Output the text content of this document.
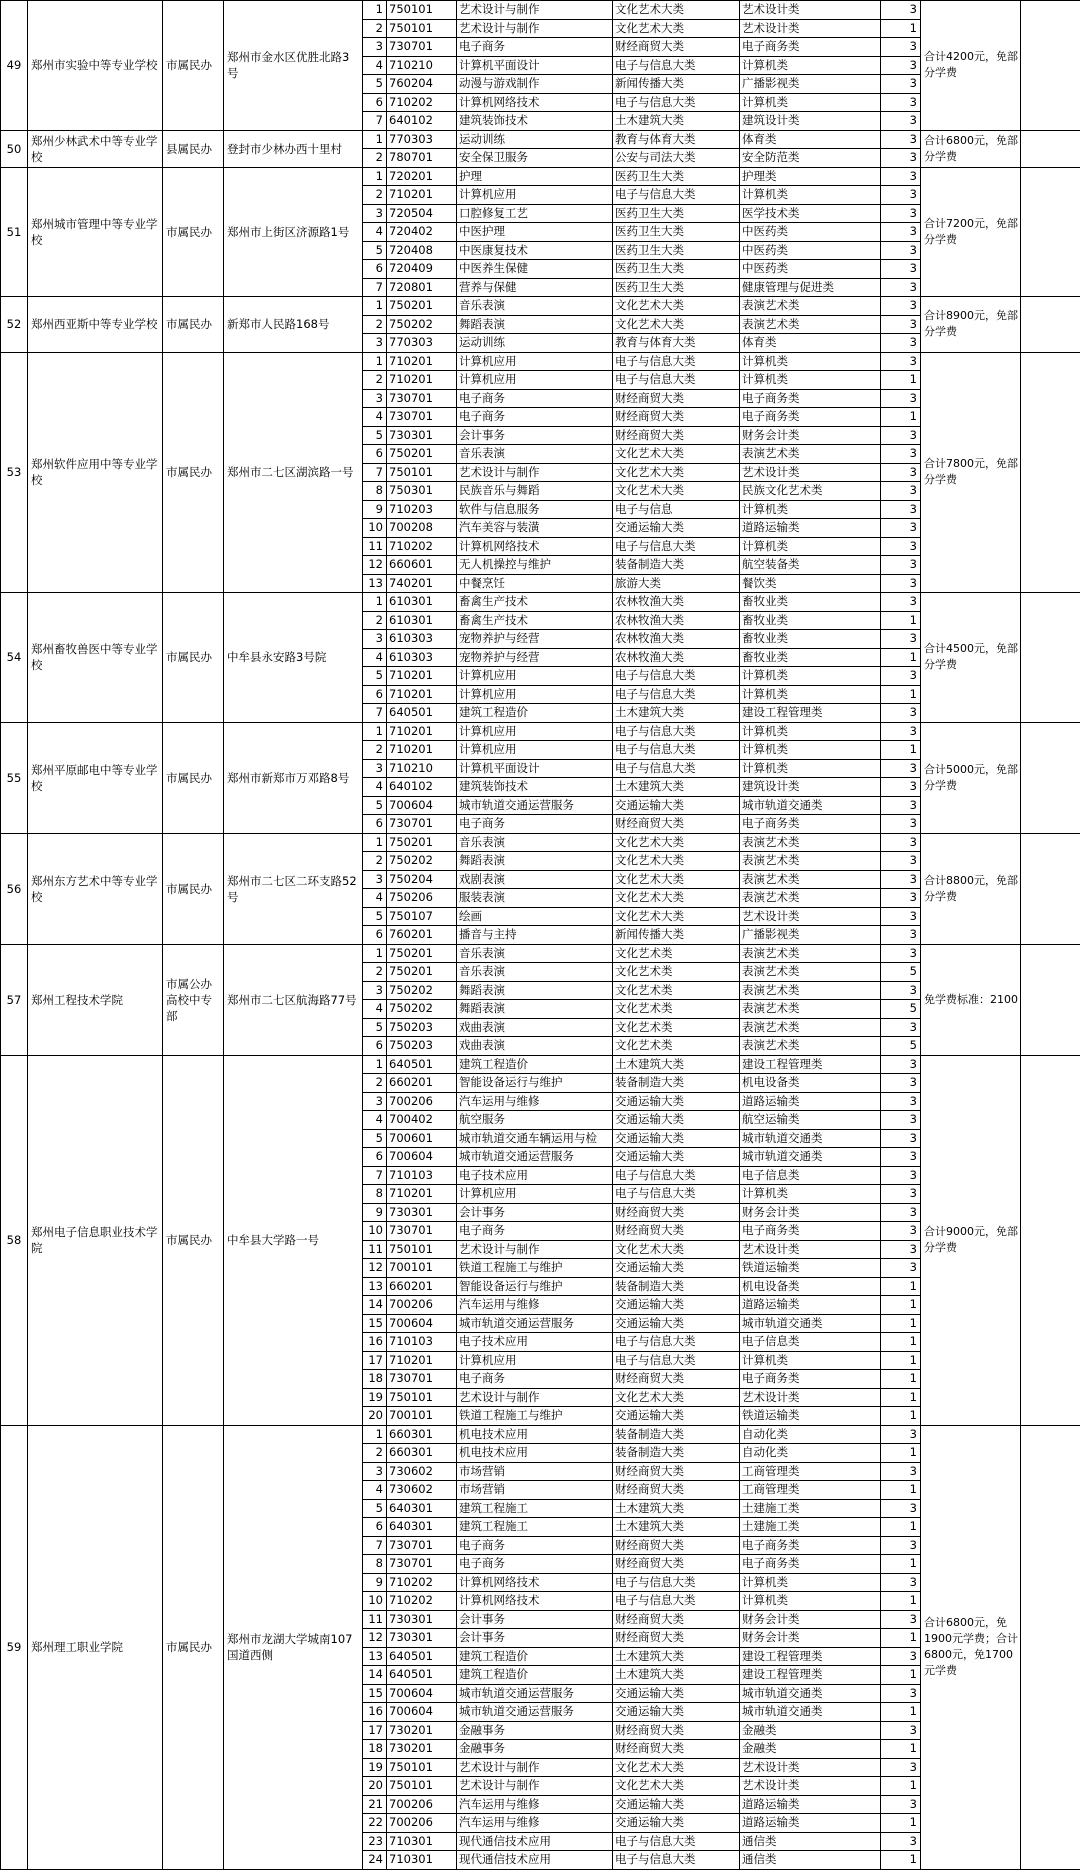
49	郑州市实验中等专业学校	市属民办	郑州市金水区优胜北路3号	1	750101	艺术设计与制作	文化艺术大类	艺术设计类	3	合计4200元，免部分学费	
				2	750101	艺术设计与制作	文化艺术大类	艺术设计类	1		
				3	730701	电子商务	财经商贸大类	电子商务类	3		
				4	710210	计算机平面设计	电子与信息大类	计算机类	3		
				5	760204	动漫与游戏制作	新闻传播大类	广播影视类	3		
				6	710202	计算机网络技术	电子与信息大类	计算机类	3		
				7	640102	建筑装饰技术	土木建筑大类	建筑设计类	3		
50	郑州少林武术中等专业学校	县属民办	登封市少林办西十里村	1	770303	运动训练	教育与体育大类	体育类	3	合计6800元，免部分学费	
				2	780701	安全保卫服务	公安与司法大类	安全防范类	3		
51	郑州城市管理中等专业学校	市属民办	郑州市上街区济源路1号	1	720201	护理	医药卫生大类	护理类	3	合计7200元，免部分学费	
				2	710201	计算机应用	电子与信息大类	计算机类	3		
				3	720504	口腔修复工艺	医药卫生大类	医学技术类	3		
				4	720402	中医护理	医药卫生大类	中医药类	3		
				5	720408	中医康复技术	医药卫生大类	中医药类	3		
				6	720409	中医养生保健	医药卫生大类	中医药类	3		
				7	720801	营养与保健	医药卫生大类	健康管理与促进类	3		
52	郑州西亚斯中等专业学校	市属民办	新郑市人民路168号	1	750201	音乐表演	文化艺术大类	表演艺术类	3	合计8900元，免部分学费	
				2	750202	舞蹈表演	文化艺术大类	表演艺术类	3		
				3	770303	运动训练	教育与体育大类	体育类	3		
53	郑州软件应用中等专业学校	市属民办	郑州市二七区湖滨路一号	1	710201	计算机应用	电子与信息大类	计算机类	3	合计7800元，免部分学费	
				2	710201	计算机应用	电子与信息大类	计算机类	1		
				3	730701	电子商务	财经商贸大类	电子商务类	3		
				4	730701	电子商务	财经商贸大类	电子商务类	1		
				5	730301	会计事务	财经商贸大类	财务会计类	3		
				6	750201	音乐表演	文化艺术大类	表演艺术类	3		
				7	750101	艺术设计与制作	文化艺术大类	艺术设计类	3		
				8	750301	民族音乐与舞蹈	文化艺术大类	民族文化艺术类	3		
				9	710203	软件与信息服务	电子与信息	计算机类	3		
				10	700208	汽车美容与装潢	交通运输大类	道路运输类	3		
				11	710202	计算机网络技术	电子与信息大类	计算机类	3		
				12	660601	无人机操控与维护	装备制造大类	航空装备类	3		
				13	740201	中餐烹饪	旅游大类	餐饮类	3		
54	郑州畜牧兽医中等专业学校	市属民办	中牟县永安路3号院	1	610301	畜禽生产技术	农林牧渔大类	畜牧业类	3	合计4500元，免部分学费	
				2	610301	畜禽生产技术	农林牧渔大类	畜牧业类	1		
				3	610303	宠物养护与经营	农林牧渔大类	畜牧业类	3		
				4	610303	宠物养护与经营	农林牧渔大类	畜牧业类	1		
				5	710201	计算机应用	电子与信息大类	计算机类	3		
				6	710201	计算机应用	电子与信息大类	计算机类	1		
				7	640501	建筑工程造价	土木建筑大类	建设工程管理类	3		
55	郑州平原邮电中等专业学校	市属民办	郑州市新郑市万邓路8号	1	710201	计算机应用	电子与信息大类	计算机类	3	合计5000元，免部分学费	
				2	710201	计算机应用	电子与信息大类	计算机类	1		
				3	710210	计算机平面设计	电子与信息大类	计算机类	3		
				4	640102	建筑装饰技术	土木建筑大类	建筑设计类	3		
				5	700604	城市轨道交通运营服务	交通运输大类	城市轨道交通类	3		
				6	730701	电子商务	财经商贸大类	电子商务类	3		
56	郑州东方艺术中等专业学校	市属民办	郑州市二七区二环支路52号	1	750201	音乐表演	文化艺术大类	表演艺术类	3	合计8800元，免部分学费	
				2	750202	舞蹈表演	文化艺术大类	表演艺术类	3		
				3	750204	戏剧表演	文化艺术大类	表演艺术类	3		
				4	750206	服装表演	文化艺术大类	表演艺术类	3		
				5	750107	绘画	文化艺术大类	艺术设计类	3		
				6	760201	播音与主持	新闻传播大类	广播影视类	3		
57	郑州工程技术学院	市属公办高校中专部	郑州市二七区航海路77号	1	750201	音乐表演	文化艺术类	表演艺术类	3	免学费标准：2100	
				2	750201	音乐表演	文化艺术类	表演艺术类	5		
				3	750202	舞蹈表演	文化艺术类	表演艺术类	3		
				4	750202	舞蹈表演	文化艺术类	表演艺术类	5		
				5	750203	戏曲表演	文化艺术类	表演艺术类	3		
				6	750203	戏曲表演	文化艺术类	表演艺术类	5		
58	郑州电子信息职业技术学院	市属民办	中牟县大学路一号	1	640501	建筑工程造价	土木建筑大类	建设工程管理类	3	合计9000元，免部分学费	
				2	660201	智能设备运行与维护	装备制造大类	机电设备类	3		
				3	700206	汽车运用与维修	交通运输大类	道路运输类	3		
				4	700402	航空服务	交通运输大类	航空运输类	3		
				5	700601	城市轨道交通车辆运用与检	交通运输大类	城市轨道交通类	3		
				6	700604	城市轨道交通运营服务	交通运输大类	城市轨道交通类	3		
				7	710103	电子技术应用	电子与信息大类	电子信息类	3		
				8	710201	计算机应用	电子与信息大类	计算机类	3		
				9	730301	会计事务	财经商贸大类	财务会计类	3		
				10	730701	电子商务	财经商贸大类	电子商务类	3		
				11	750101	艺术设计与制作	文化艺术大类	艺术设计类	3		
				12	700101	铁道工程施工与维护	交通运输大类	铁道运输类	3		
				13	660201	智能设备运行与维护	装备制造大类	机电设备类	1		
				14	700206	汽车运用与维修	交通运输大类	道路运输类	1		
				15	700604	城市轨道交通运营服务	交通运输大类	城市轨道交通类	1		
				16	710103	电子技术应用	电子与信息大类	电子信息类	1		
				17	710201	计算机应用	电子与信息大类	计算机类	1		
				18	730701	电子商务	财经商贸大类	电子商务类	1		
				19	750101	艺术设计与制作	文化艺术大类	艺术设计类	1		
				20	700101	铁道工程施工与维护	交通运输大类	铁道运输类	1		
59	郑州理工职业学院	市属民办	郑州市龙湖大学城南107国道西侧	1	660301	机电技术应用	装备制造大类	自动化类	3	合计6800元，免1900元学费；合计6800元，免1700元学费	
				2	660301	机电技术应用	装备制造大类	自动化类	1		
				3	730602	市场营销	财经商贸大类	工商管理类	3		
				4	730602	市场营销	财经商贸大类	工商管理类	1		
				5	640301	建筑工程施工	土木建筑大类	土建施工类	3		
				6	640301	建筑工程施工	土木建筑大类	土建施工类	1		
				7	730701	电子商务	财经商贸大类	电子商务类	3		
				8	730701	电子商务	财经商贸大类	电子商务类	1		
				9	710202	计算机网络技术	电子与信息大类	计算机类	3		
				10	710202	计算机网络技术	电子与信息大类	计算机类	1		
				11	730301	会计事务	财经商贸大类	财务会计类	3		
				12	730301	会计事务	财经商贸大类	财务会计类	1		
				13	640501	建筑工程造价	土木建筑大类	建设工程管理类	3		
				14	640501	建筑工程造价	土木建筑大类	建设工程管理类	1		
				15	700604	城市轨道交通运营服务	交通运输大类	城市轨道交通类	3		
				16	700604	城市轨道交通运营服务	交通运输大类	城市轨道交通类	1		
				17	730201	金融事务	财经商贸大类	金融类	3		
				18	730201	金融事务	财经商贸大类	金融类	1		
				19	750101	艺术设计与制作	文化艺术大类	艺术设计类	3		
				20	750101	艺术设计与制作	文化艺术大类	艺术设计类	1		
				21	700206	汽车运用与维修	交通运输大类	道路运输类	3		
				22	700206	汽车运用与维修	交通运输大类	道路运输类	1		
				23	710301	现代通信技术应用	电子与信息大类	通信类	3		
				24	710301	现代通信技术应用	电子与信息大类	通信类	1		
